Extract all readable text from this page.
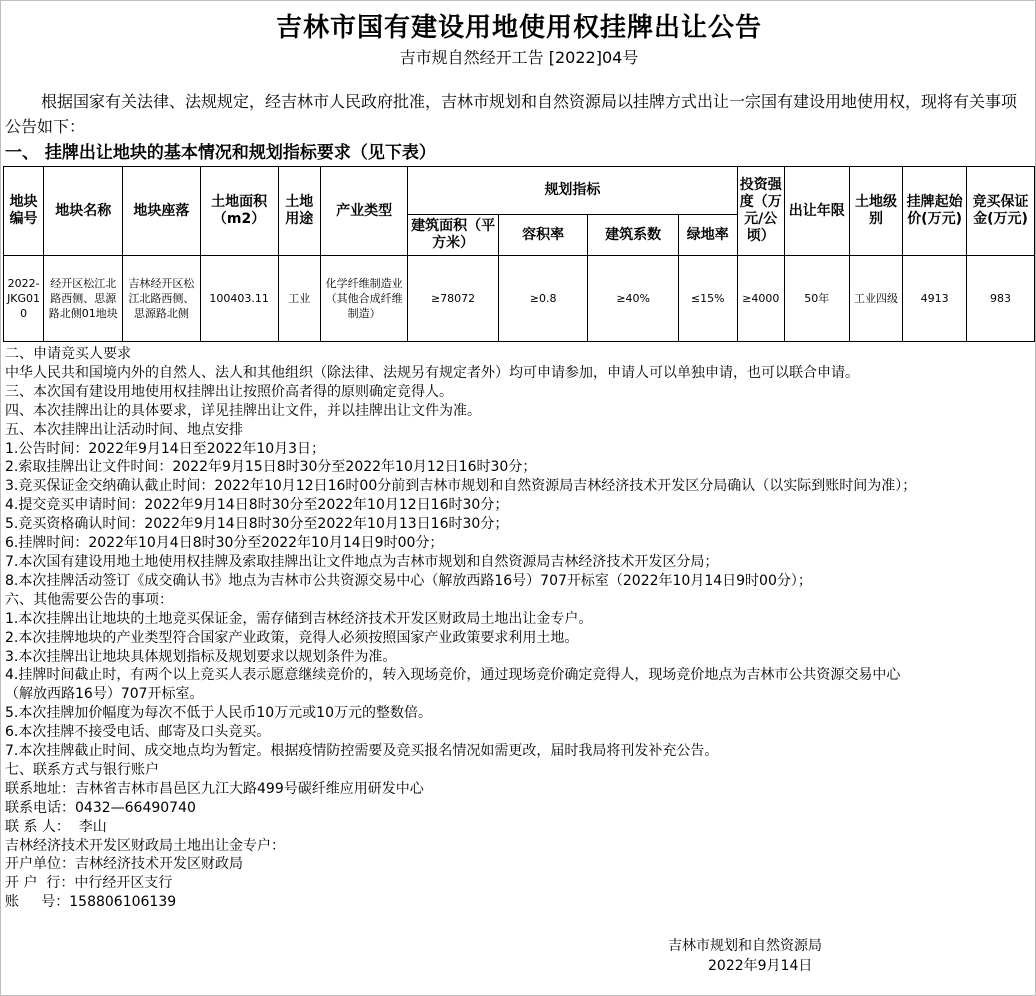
吉林市国有建设用地使用权挂牌出让公告
吉市规自然经开工告 [2022]04号
根据国家有关法律、法规规定，经吉林市人民政府批准，吉林市规划和自然资源局以挂牌方式出让一宗国有建设用地使用权，现将有关事项公告如下：
一、 挂牌出让地块的基本情况和规划指标要求（见下表）
地块编号	地块名称	地块座落	土地面积（m2）	土地用途	产业类型	规划指标				投资强度（万元/公顷）	出让年限	土地级别	挂牌起始价(万元)	竞买保证金(万元)
						建筑面积（平方米）	容积率	建筑系数	绿地率					
2022-JKG010	经开区松江北路西侧、思源路北侧01地块	吉林经开区松江北路西侧、思源路北侧	100403.11	工业	化学纤维制造业（其他合成纤维制造）	≥78072	≥0.8	≥40%	≤15%	≥4000	50年	工业四级	4913	983
二、申请竞买人要求
中华人民共和国境内外的自然人、法人和其他组织（除法律、法规另有规定者外）均可申请参加，申请人可以单独申请，也可以联合申请。
三、本次国有建设用地使用权挂牌出让按照价高者得的原则确定竞得人。
四、本次挂牌出让的具体要求，详见挂牌出让文件，并以挂牌出让文件为准。
五、本次挂牌出让活动时间、地点安排
1.公告时间：2022年9月14日至2022年10月3日；
2.索取挂牌出让文件时间：2022年9月15日8时30分至2022年10月12日16时30分；
3.竞买保证金交纳确认截止时间：2022年10月12日16时00分前到吉林市规划和自然资源局吉林经济技术开发区分局确认（以实际到账时间为准）；
4.提交竞买申请时间：2022年9月14日8时30分至2022年10月12日16时30分；
5.竞买资格确认时间：2022年9月14日8时30分至2022年10月13日16时30分；
6.挂牌时间：2022年10月4日8时30分至2022年10月14日9时00分；
7.本次国有建设用地土地使用权挂牌及索取挂牌出让文件地点为吉林市规划和自然资源局吉林经济技术开发区分局；
8.本次挂牌活动签订《成交确认书》地点为吉林市公共资源交易中心（解放西路16号）707开标室（2022年10月14日9时00分）；
六、其他需要公告的事项：
1.本次挂牌出让地块的土地竞买保证金，需存储到吉林经济技术开发区财政局土地出让金专户。
2.本次挂牌地块的产业类型符合国家产业政策，竞得人必须按照国家产业政策要求利用土地。
3.本次挂牌出让地块具体规划指标及规划要求以规划条件为准。
4.挂牌时间截止时，有两个以上竞买人表示愿意继续竞价的，转入现场竞价，通过现场竞价确定竞得人，现场竞价地点为吉林市公共资源交易中心
（解放西路16号）707开标室。
5.本次挂牌加价幅度为每次不低于人民币10万元或10万元的整数倍。
6.本次挂牌不接受电话、邮寄及口头竞买。
7.本次挂牌截止时间、成交地点均为暂定。根据疫情防控需要及竞买报名情况如需更改，届时我局将刊发补充公告。
七、联系方式与银行账户
联系地址：吉林省吉林市昌邑区九江大路499号碳纤维应用研发中心
联系电话：0432—66490740
联 系 人：  李山
吉林经济技术开发区财政局土地出让金专户：
开户单位：吉林经济技术开发区财政局
开 户  行：中行经开区支行
账     号：158806106139
吉林市规划和自然资源局
2022年9月14日
